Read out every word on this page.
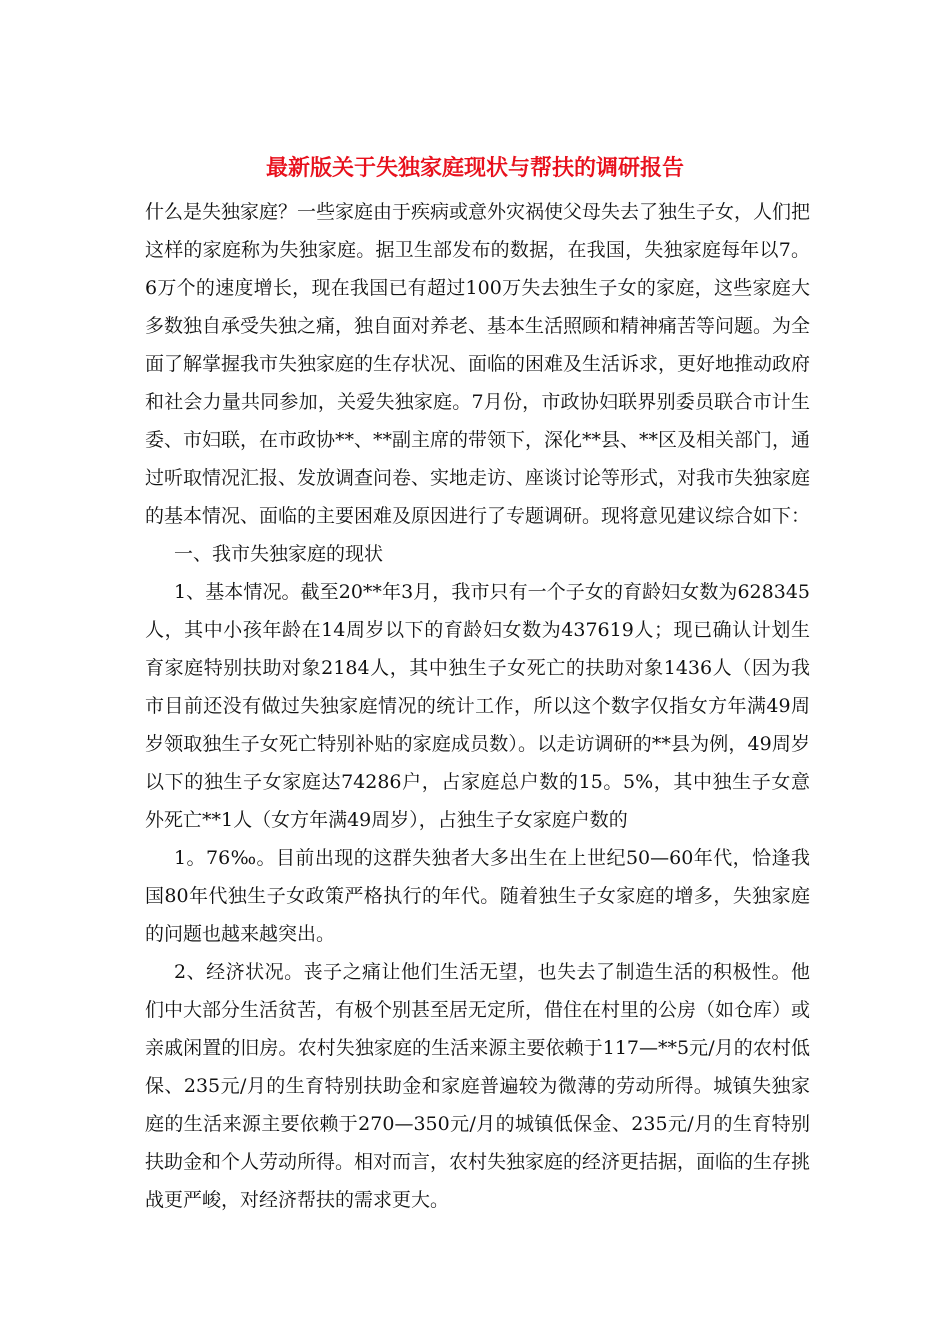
最新版关于失独家庭现状与帮扶的调研报告

什么是失独家庭？一些家庭由于疾病或意外灾祸使父母失去了独生子女，人们把这样的家庭称为失独家庭。据卫生部发布的数据，在我国，失独家庭每年以7。6万个的速度增长，现在我国已有超过100万失去独生子女的家庭，这些家庭大多数独自承受失独之痛，独自面对养老、基本生活照顾和精神痛苦等问题。为全面了解掌握我市失独家庭的生存状况、面临的困难及生活诉求，更好地推动政府和社会力量共同参加，关爱失独家庭。7月份，市政协妇联界别委员联合市计生委、市妇联，在市政协**、**副主席的带领下，深化**县、**区及相关部门，通过听取情况汇报、发放调查问卷、实地走访、座谈讨论等形式，对我市失独家庭的基本情况、面临的主要困难及原因进行了专题调研。现将意见建议综合如下：

一、我市失独家庭的现状

1、基本情况。截至20**年3月，我市只有一个子女的育龄妇女数为628345人，其中小孩年龄在14周岁以下的育龄妇女数为437619人；现已确认计划生育家庭特别扶助对象2184人，其中独生子女死亡的扶助对象1436人（因为我市目前还没有做过失独家庭情况的统计工作，所以这个数字仅指女方年满49周岁领取独生子女死亡特别补贴的家庭成员数）。以走访调研的**县为例，49周岁以下的独生子女家庭达74286户，占家庭总户数的15。5%，其中独生子女意外死亡**1人（女方年满49周岁），占独生子女家庭户数的

1。76‰。目前出现的这群失独者大多出生在上世纪50—60年代，恰逢我国80年代独生子女政策严格执行的年代。随着独生子女家庭的增多，失独家庭的问题也越来越突出。

2、经济状况。丧子之痛让他们生活无望，也失去了制造生活的积极性。他们中大部分生活贫苦，有极个别甚至居无定所，借住在村里的公房（如仓库）或亲戚闲置的旧房。农村失独家庭的生活来源主要依赖于117—**5元/月的农村低保、235元/月的生育特别扶助金和家庭普遍较为微薄的劳动所得。城镇失独家庭的生活来源主要依赖于270—350元/月的城镇低保金、235元/月的生育特别扶助金和个人劳动所得。相对而言，农村失独家庭的经济更拮据，面临的生存挑战更严峻，对经济帮扶的需求更大。
